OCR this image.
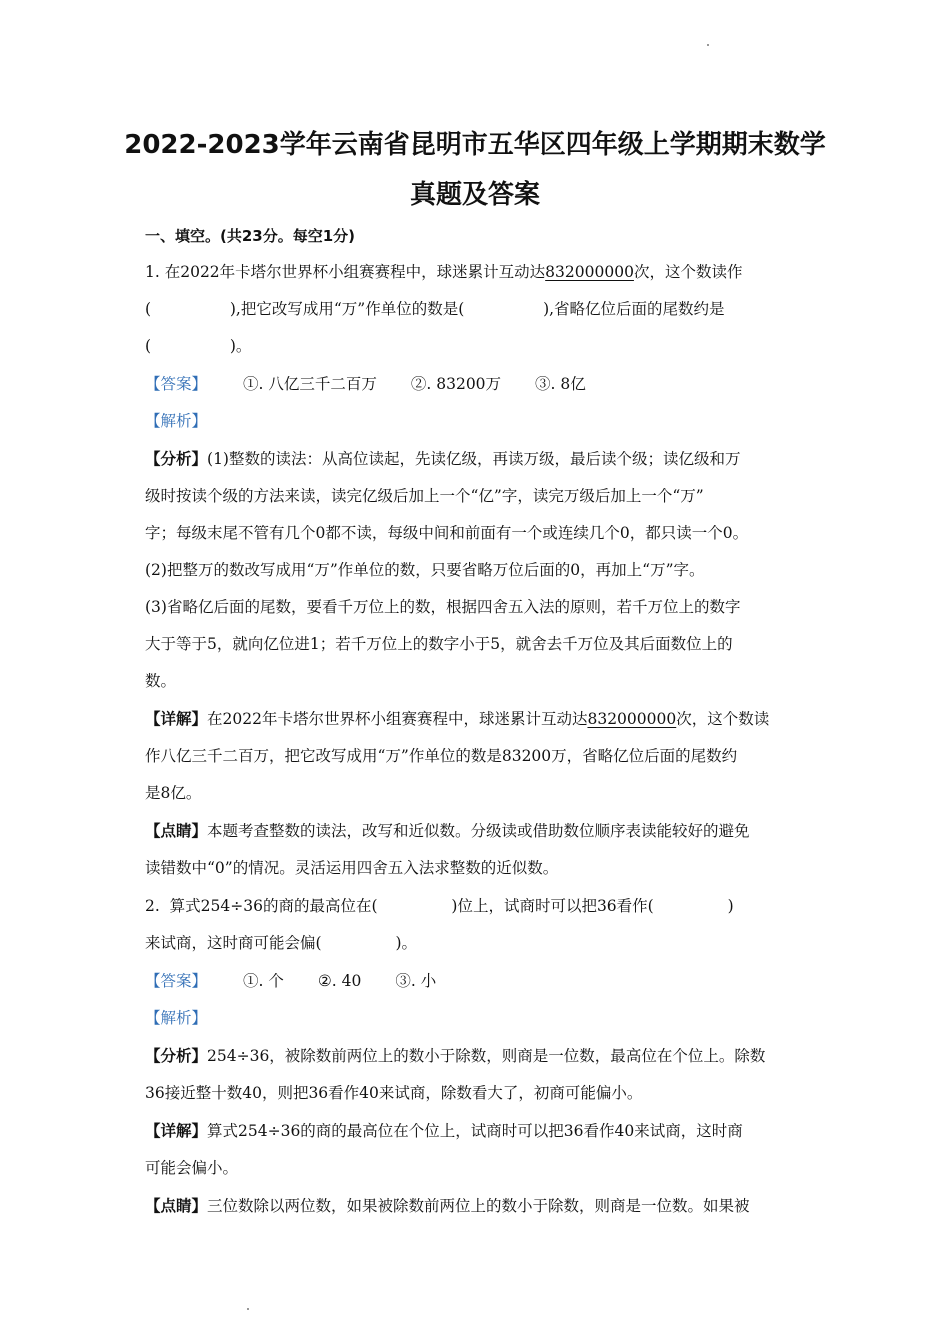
2022-2023学年云南省昆明市五华区四年级上学期期末数学
真题及答案
一、填空。(共23分。每空1分)
1. 在2022年卡塔尔世界杯小组赛赛程中，球迷累计互动达832000000次，这个数读作
(                ),把它改写成用“万”作单位的数是(                ),省略亿位后面的尾数约是
(                )。
【答案】 ①. 八亿三千二百万 ②. 83200万 ③. 8亿
【解析】
【分析】(1)整数的读法：从高位读起，先读亿级，再读万级，最后读个级；读亿级和万
级时按读个级的方法来读，读完亿级后加上一个“亿”字，读完万级后加上一个“万”
字；每级末尾不管有几个0都不读，每级中间和前面有一个或连续几个0，都只读一个0。
(2)把整万的数改写成用“万”作单位的数，只要省略万位后面的0，再加上“万”字。
(3)省略亿后面的尾数，要看千万位上的数，根据四舍五入法的原则，若千万位上的数字
大于等于5，就向亿位进1；若千万位上的数字小于5，就舍去千万位及其后面数位上的
数。
【详解】在2022年卡塔尔世界杯小组赛赛程中，球迷累计互动达832000000次，这个数读
作八亿三千二百万，把它改写成用“万”作单位的数是83200万，省略亿位后面的尾数约
是8亿。
【点睛】本题考查整数的读法，改写和近似数。分级读或借助数位顺序表读能较好的避免
读错数中“0”的情况。灵活运用四舍五入法求整数的近似数。
2.  算式254÷36的商的最高位在(               )位上，试商时可以把36看作(               )
来试商，这时商可能会偏(               )。
【答案】 ①. 个 ②. 40 ③. 小
【解析】
【分析】254÷36，被除数前两位上的数小于除数，则商是一位数，最高位在个位上。除数
36接近整十数40，则把36看作40来试商，除数看大了，初商可能偏小。
【详解】算式254÷36的商的最高位在个位上，试商时可以把36看作40来试商，这时商
可能会偏小。
【点睛】三位数除以两位数，如果被除数前两位上的数小于除数，则商是一位数。如果被
